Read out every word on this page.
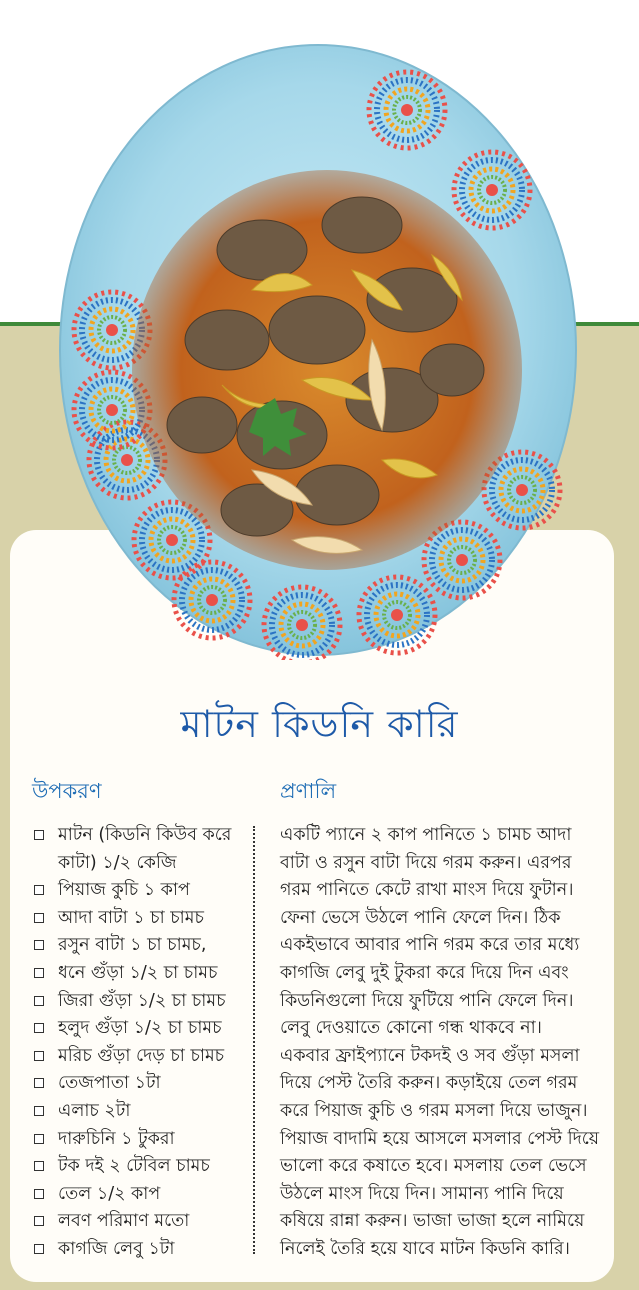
মাটন কিডনি কারি
উপকরণ	প্রণালি
মাটন (কিডনি কিউব করে কাটা) ১/২ কেজি
পিয়াজ কুচি ১ কাপ
আদা বাটা ১ চা চামচ
রসুন বাটা ১ চা চামচ,
ধনে গুঁড়া ১/২ চা চামচ
জিরা গুঁড়া ১/২ চা চামচ
হলুদ গুঁড়া ১/২ চা চামচ
মরিচ গুঁড়া দেড় চা চামচ
তেজপাতা ১টা
এলাচ ২টা
দারুচিনি ১ টুকরা
টক দই ২ টেবিল চামচ
তেল ১/২ কাপ
লবণ পরিমাণ মতো
কাগজি লেবু ১টা
একটি প্যানে ২ কাপ পানিতে ১ চামচ আদা
বাটা ও রসুন বাটা দিয়ে গরম করুন। এরপর
গরম পানিতে কেটে রাখা মাংস দিয়ে ফুটান।
ফেনা ভেসে উঠলে পানি ফেলে দিন। ঠিক
একইভাবে আবার পানি গরম করে তার মধ্যে
কাগজি লেবু দুই টুকরা করে দিয়ে দিন এবং
কিডনিগুলো দিয়ে ফুটিয়ে পানি ফেলে দিন।
লেবু দেওয়াতে কোনো গন্ধ থাকবে না।
একবার ফ্রাইপ্যানে টকদই ও সব গুঁড়া মসলা
দিয়ে পেস্ট তৈরি করুন। কড়াইয়ে তেল গরম
করে পিয়াজ কুচি ও গরম মসলা দিয়ে ভাজুন।
পিয়াজ বাদামি হয়ে আসলে মসলার পেস্ট দিয়ে
ভালো করে কষাতে হবে। মসলায় তেল ভেসে
উঠলে মাংস দিয়ে দিন। সামান্য পানি দিয়ে
কষিয়ে রান্না করুন। ভাজা ভাজা হলে নামিয়ে
নিলেই তৈরি হয়ে যাবে মাটন কিডনি কারি।
